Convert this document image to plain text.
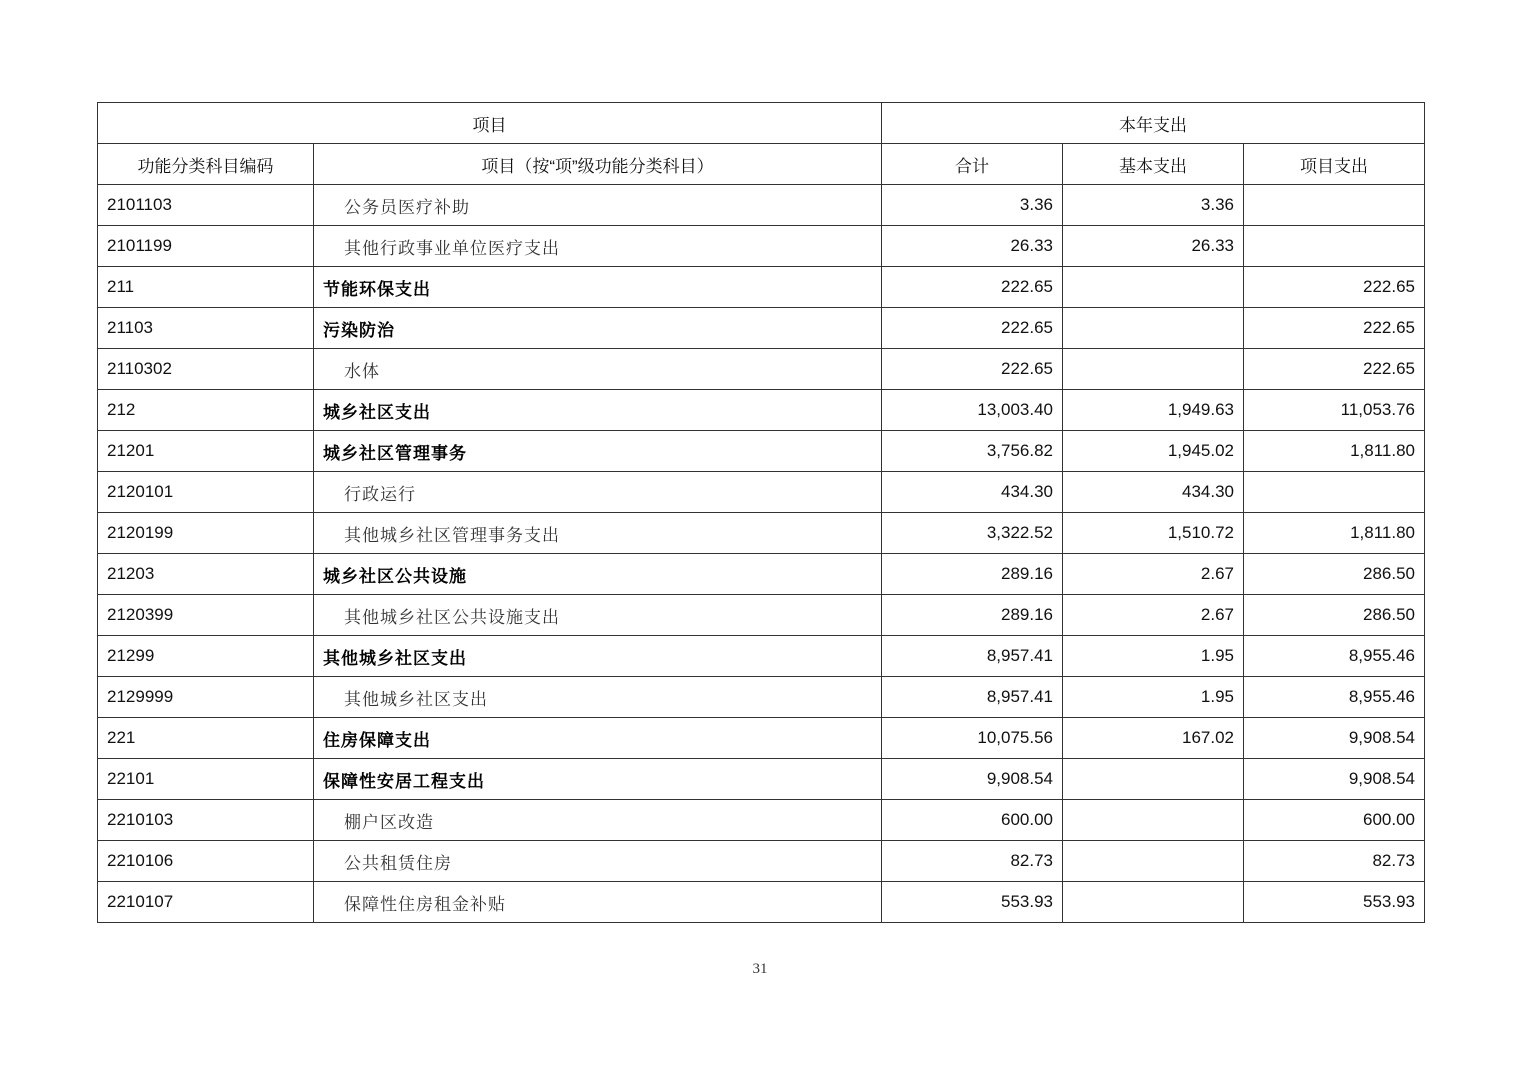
项目		本年支出		
功能分类科目编码	项目（按“项”级功能分类科目）	合计	基本支出	项目支出
2101103	公务员医疗补助	3.36	3.36	
2101199	其他行政事业单位医疗支出	26.33	26.33	
211	节能环保支出	222.65		222.65
21103	污染防治	222.65		222.65
2110302	水体	222.65		222.65
212	城乡社区支出	13,003.40	1,949.63	11,053.76
21201	城乡社区管理事务	3,756.82	1,945.02	1,811.80
2120101	行政运行	434.30	434.30	
2120199	其他城乡社区管理事务支出	3,322.52	1,510.72	1,811.80
21203	城乡社区公共设施	289.16	2.67	286.50
2120399	其他城乡社区公共设施支出	289.16	2.67	286.50
21299	其他城乡社区支出	8,957.41	1.95	8,955.46
2129999	其他城乡社区支出	8,957.41	1.95	8,955.46
221	住房保障支出	10,075.56	167.02	9,908.54
22101	保障性安居工程支出	9,908.54		9,908.54
2210103	棚户区改造	600.00		600.00
2210106	公共租赁住房	82.73		82.73
2210107	保障性住房租金补贴	553.93		553.93
31
